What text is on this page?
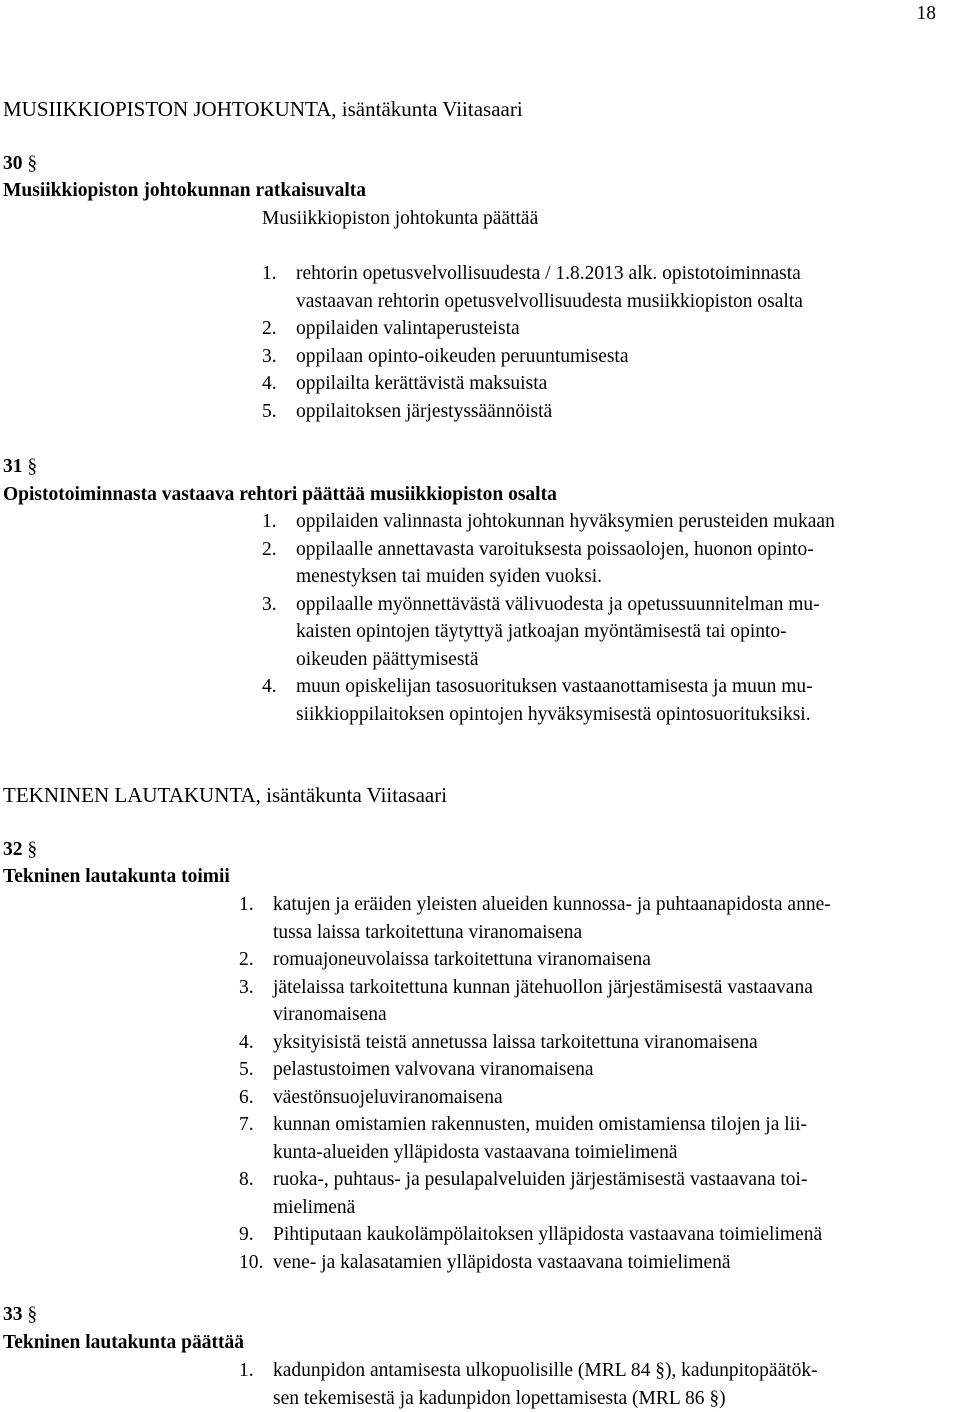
18
MUSIIKKIOPISTON JOHTOKUNTA, isäntäkunta Viitasaari
30 §
Musiikkiopiston johtokunnan ratkaisuvalta
Musiikkiopiston johtokunta päättää
1. rehtorin opetusvelvollisuudesta / 1.8.2013 alk. opistotoiminnasta
vastaavan rehtorin opetusvelvollisuudesta musiikkiopiston osalta
2. oppilaiden valintaperusteista
3. oppilaan opinto-oikeuden peruuntumisesta
4. oppilailta kerättävistä maksuista
5. oppilaitoksen järjestyssäännöistä
31 §
Opistotoiminnasta vastaava rehtori päättää musiikkiopiston osalta
1. oppilaiden valinnasta johtokunnan hyväksymien perusteiden mukaan
2. oppilaalle annettavasta varoituksesta poissaolojen, huonon opinto-
menestyksen tai muiden syiden vuoksi.
3. oppilaalle myönnettävästä välivuodesta ja opetussuunnitelman mu-
kaisten opintojen täytyttyä jatkoajan myöntämisestä tai opinto-
oikeuden päättymisestä
4. muun opiskelijan tasosuorituksen vastaanottamisesta ja muun mu-
siikkioppilaitoksen opintojen hyväksymisestä opintosuorituksiksi.
TEKNINEN LAUTAKUNTA, isäntäkunta Viitasaari
32 §
Tekninen lautakunta toimii
1. katujen ja eräiden yleisten alueiden kunnossa- ja puhtaanapidosta anne-
tussa laissa tarkoitettuna viranomaisena
2. romuajoneuvolaissa tarkoitettuna viranomaisena
3. jätelaissa tarkoitettuna kunnan jätehuollon järjestämisestä vastaavana
viranomaisena
4. yksityisistä teistä annetussa laissa tarkoitettuna viranomaisena
5. pelastustoimen valvovana viranomaisena
6. väestönsuojeluviranomaisena
7. kunnan omistamien rakennusten, muiden omistamiensa tilojen ja lii-
kunta-alueiden ylläpidosta vastaavana toimielimenä
8. ruoka-, puhtaus- ja pesulapalveluiden järjestämisestä vastaavana toi-
mielimenä
9. Pihtiputaan kaukolämpölaitoksen ylläpidosta vastaavana toimielimenä
10. vene- ja kalasatamien ylläpidosta vastaavana toimielimenä
33 §
Tekninen lautakunta päättää
1. kadunpidon antamisesta ulkopuolisille (MRL 84 §), kadunpitopäätök-
sen tekemisestä ja kadunpidon lopettamisesta (MRL 86 §)
